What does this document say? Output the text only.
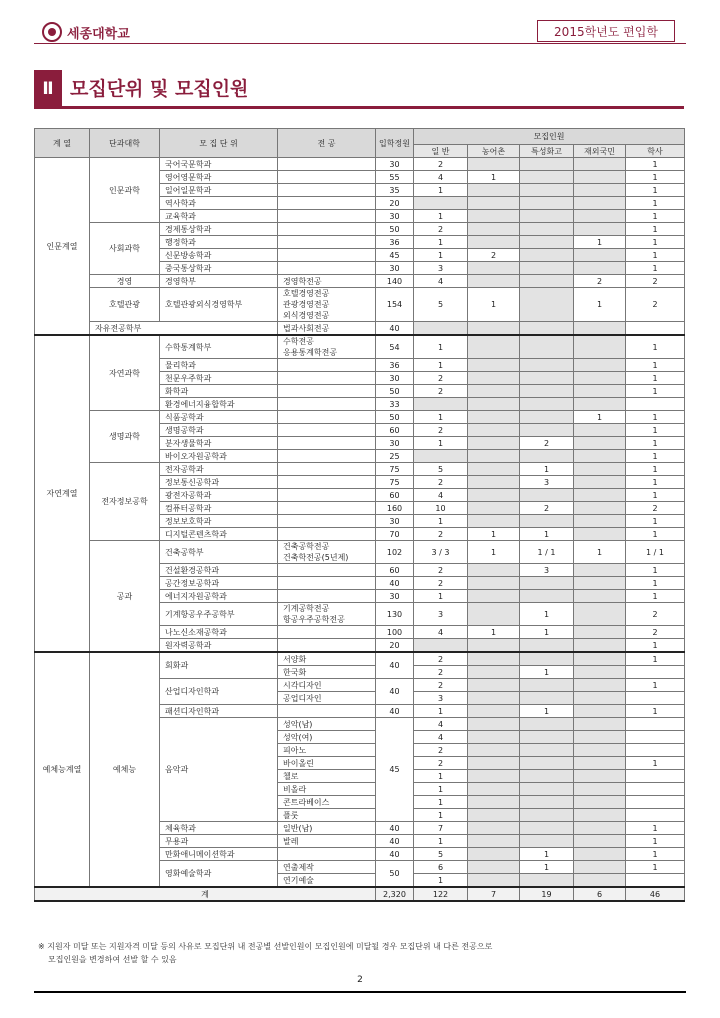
세종대학교	2015학년도 편입학
Ⅱ 모집단위 및 모집인원
계 열	단과대학	모 집 단 위	전 공	입학정원	모집인원				
					일 반	농어촌	특성화고	재외국민	학사
인문계열	인문과학	국어국문학과		30	2				1
		영어영문학과		55	4	1			1
		일어일문학과		35	1				1
		역사학과		20					1
		교육학과		30	1				1
	사회과학	경제통상학과		50	2				1
		행정학과		36	1			1	1
		신문방송학과		45	1	2			1
		중국통상학과		30	3				1
	경영	경영학부	경영학전공	140	4			2	2
	호텔관광	호텔관광외식경영학부	호텔경영전공
관광경영전공
외식경영전공	154	5	1		1	2
	자유전공학부		법과사회전공	40					
자연계열	자연과학	수학통계학부	수학전공
응용통계학전공	54	1				1
		물리학과		36	1				1
		천문우주학과		30	2				1
		화학과		50	2				1
		환경에너지융합학과		33					
	생명과학	식품공학과		50	1			1	1
		생명공학과		60	2				1
		분자생물학과		30	1		2		1
		바이오자원공학과		25					1
	전자정보공학	전자공학과		75	5		1		1
		정보통신공학과		75	2		3		1
		광전자공학과		60	4				1
		컴퓨터공학과		160	10		2		2
		정보보호학과		30	1				1
		디지털콘텐츠학과		70	2	1	1		1
	공과	건축공학부	건축공학전공
건축학전공(5년제)	102	3 / 3	1	1 / 1	1	1 / 1
		건설환경공학과		60	2		3		1
		공간정보공학과		40	2				1
		에너지자원공학과		30	1				1
		기계항공우주공학부	기계공학전공
항공우주공학전공	130	3		1		2
		나노신소재공학과		100	4	1	1		2
		원자력공학과		20					1
예체능계열	예체능	회화과	서양화	40	2				1
			한국화		2		1		
		산업디자인학과	시각디자인	40	2				1
			공업디자인		3				
		패션디자인학과		40	1		1		1
		음악과	성악(남)	45	4				
			성악(여)		4				
			피아노		2				
			바이올린		2				1
			첼로		1				
			비올라		1				
			콘트라베이스		1				
			플룻		1				
		체육학과	일반(남)	40	7				1
		무용과	발레	40	1				1
		만화애니메이션학과		40	5		1		1
		영화예술학과	연출제작	50	6		1		1
			연기예술		1				
계				2,320	122	7	19	6	46
※ 지원자 미달 또는 지원자격 미달 등의 사유로 모집단위 내 전공별 선발인원이 모집인원에 미달될 경우 모집단위 내 다른 전공으로
모집인원을 변경하여 선발 할 수 있음
2
